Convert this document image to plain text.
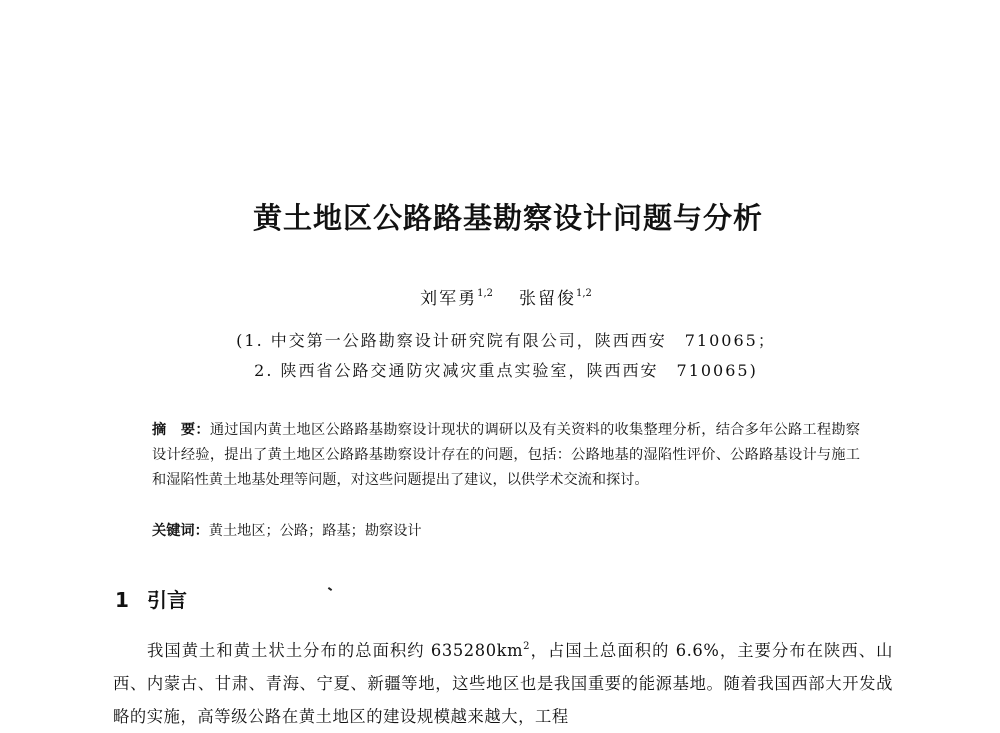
黄土地区公路路基勘察设计问题与分析
刘军勇$^{1,2}$ 张留俊$^{1,2}$
(1. 中交第一公路勘察设计研究院有限公司，陕西西安　710065；
2. 陕西省公路交通防灾减灾重点实验室，陕西西安　710065)
摘　要：通过国内黄土地区公路路基勘察设计现状的调研以及有关资料的收集整理分析，结合多年公路工程勘察设计经验，提出了黄土地区公路路基勘察设计存在的问题，包括：公路地基的湿陷性评价、公路路基设计与施工和湿陷性黄土地基处理等问题，对这些问题提出了建议，以供学术交流和探讨。
关键词：黄土地区；公路；路基；勘察设计
1 引言

我国黄土和黄土状土分布的总面积约 $635280km^2$，占国土总面积的 6.6%，主要分布在陕西、山西、内蒙古、甘肃、青海、宁夏、新疆等地，这些地区也是我国重要的能源基地。随着我国西部大开发战略的实施，高等级公路在黄土地区的建设规模越来越大，工程
